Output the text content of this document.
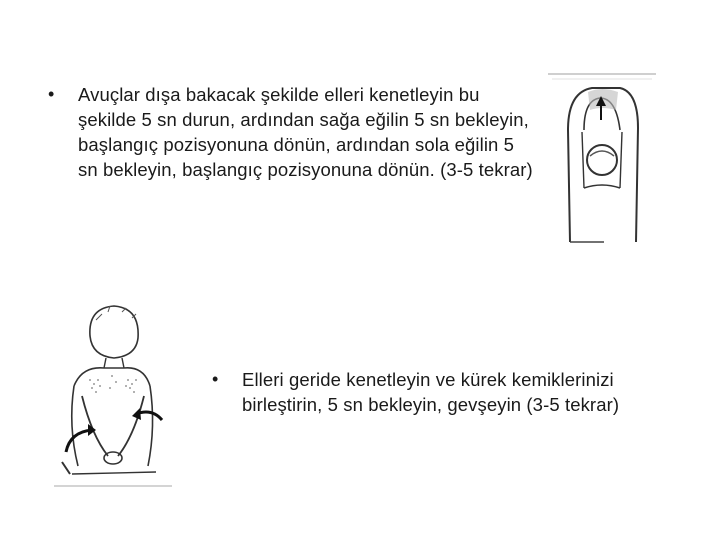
• Avuçlar dışa bakacak şekilde elleri kenetleyin bu şekilde 5 sn durun, ardından sağa eğilin 5 sn bekleyin, başlangıç pozisyonuna dönün, ardından sola eğilin 5 sn bekleyin, başlangıç pozisyonuna dönün. (3-5 tekrar)
• Elleri geride kenetleyin ve kürek kemiklerinizi birleştirin, 5 sn bekleyin, gevşeyin (3-5 tekrar)
